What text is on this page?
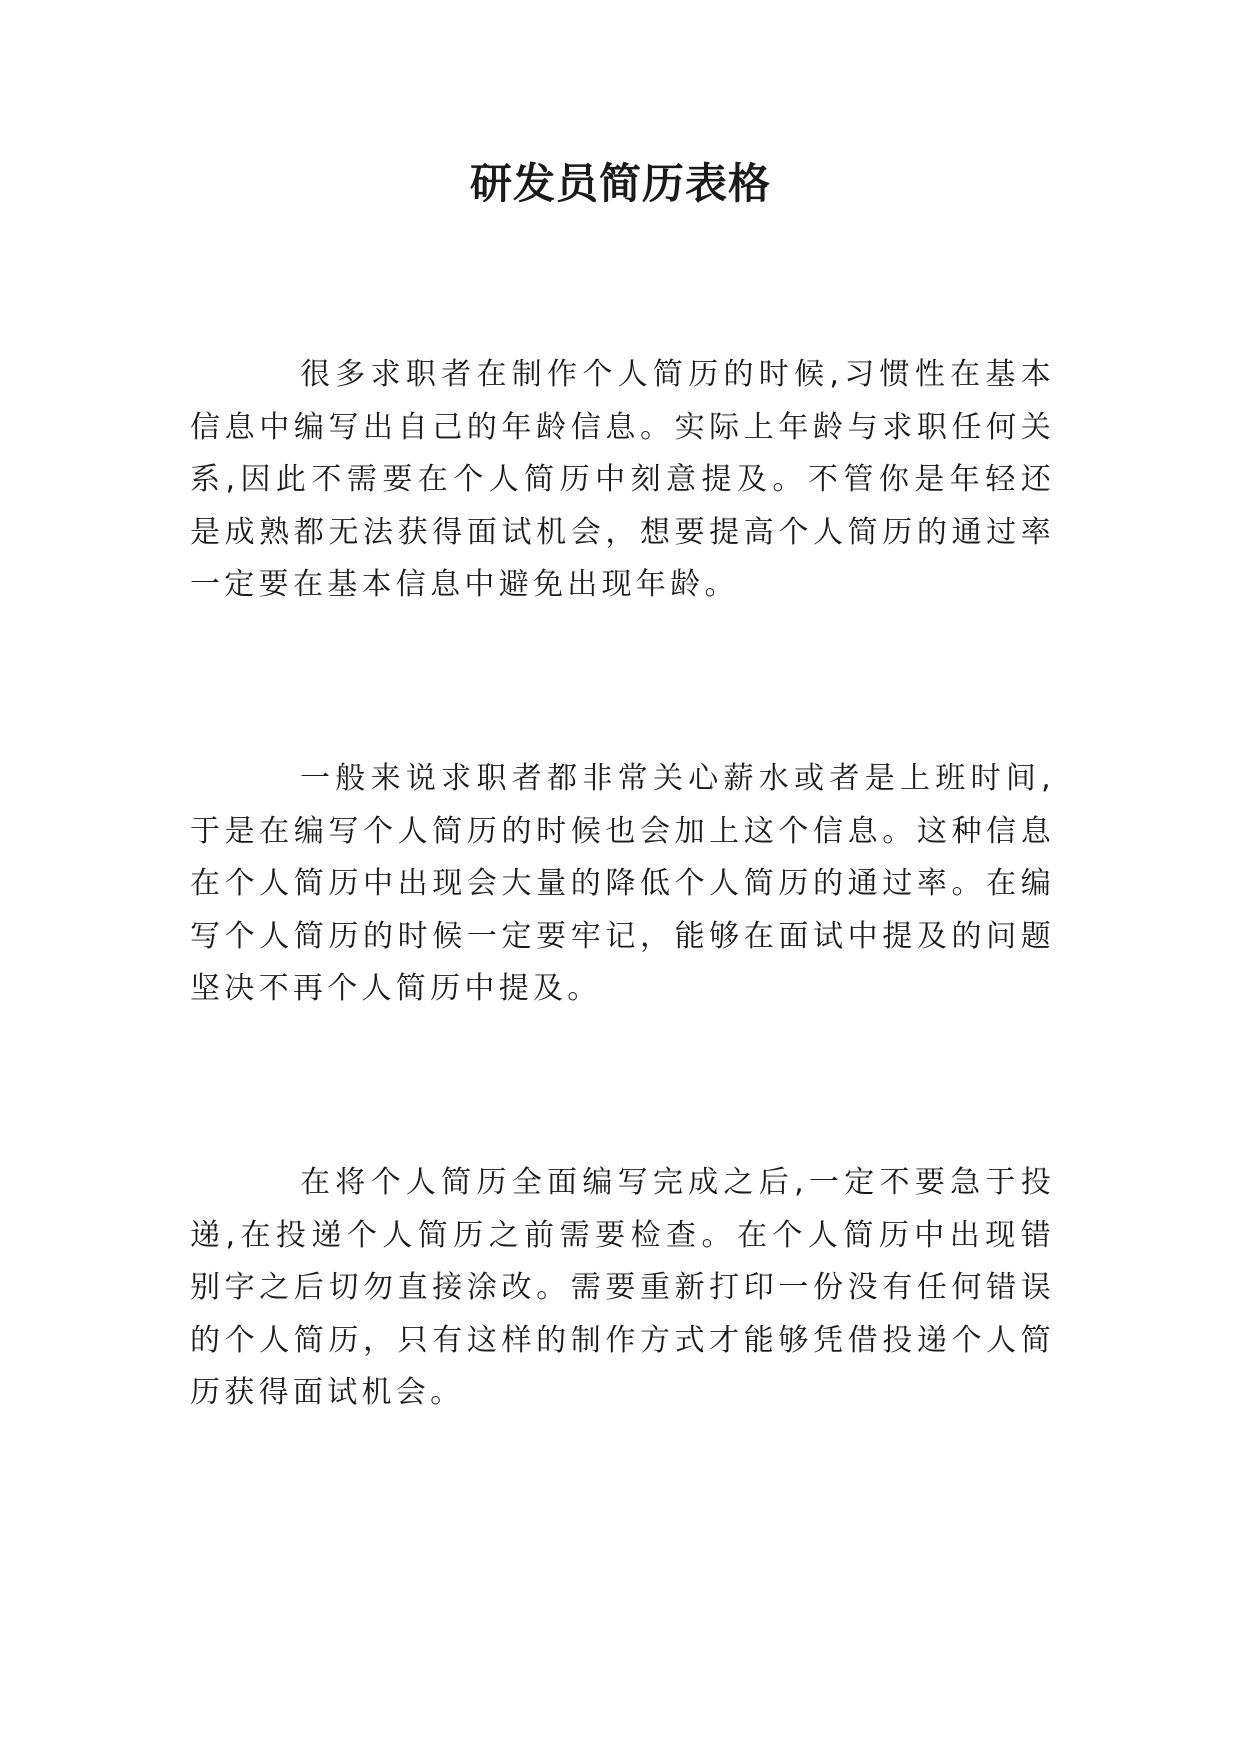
研发员简历表格

很多求职者在制作个人简历的时候,习惯性在基本信息中编写出自己的年龄信息。实际上年龄与求职任何关系,因此不需要在个人简历中刻意提及。不管你是年轻还是成熟都无法获得面试机会，想要提高个人简历的通过率一定要在基本信息中避免出现年龄。

一般来说求职者都非常关心薪水或者是上班时间,于是在编写个人简历的时候也会加上这个信息。这种信息在个人简历中出现会大量的降低个人简历的通过率。在编写个人简历的时候一定要牢记，能够在面试中提及的问题坚决不再个人简历中提及。

在将个人简历全面编写完成之后,一定不要急于投递,在投递个人简历之前需要检查。在个人简历中出现错别字之后切勿直接涂改。需要重新打印一份没有任何错误的个人简历，只有这样的制作方式才能够凭借投递个人简历获得面试机会。
